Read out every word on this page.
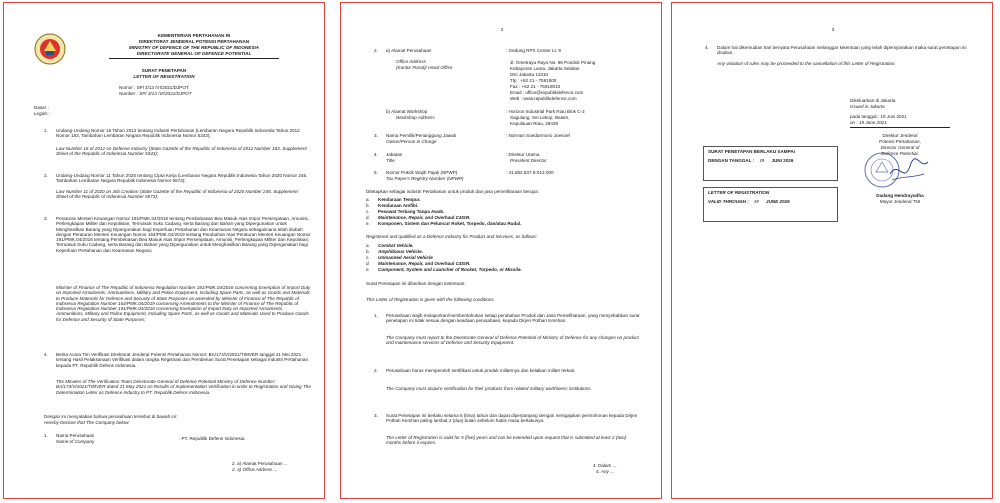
KEMENTERIAN PERTAHANAN RI
DIREKTORAT JENDERAL POTENSI PERTAHANAN
MINISTRY OF DEFENCE OF THE REPUBLIC OF INDONESIA
DIRECTORATE GENERAL OF DEFENCE POTENTIAL
SURAT PENETAPAN
LETTER OF REGISTRATION
Nomor : SPl 3/13 /VI/2021/DJPOT
Number : SP/ 3/13 /VI/2021/DJPOT
Dasar :
Legals :
1. Undang-Undang Nomor 16 Tahun 2012 tentang Industri Pertahanan (Lembaran Negara Republik Indonesia Tahun 2012 Nomor 183, Tambahan Lembaran Negara Republik Indonesia Nomor 5343);
Law Number 16 of 2012 on Defense Industry (State Gazette of the Republic of Indonesia of 2012 Number 183, Supplement Sheet of the Republic of Indonesia Number 5343);
2. Undang-Undang Nomor 11 Tahun 2020 tentang Cipta Kerja (Lembaran Negara Republik Indonesia Tahun 2020 Nomor 245, Tambahan Lembaran Negara Republik Indonesia Nomor 6573);
Law Number 11 of 2020 on Job Creation (State Gazette of the Republic of Indonesia of 2020 Number 245, Supplement Sheet of the Republic of Indonesia Number 6573);
3. Peraturan Menteri Keuangan Nomor 191/PMK.04/2016 tentang Pembebasan Bea Masuk Atas Impor Persenjataan, Amunisi, Perlengkapan Militer dan Kepolisian, Termasuk Suku Cadang, serta Barang dan Bahan yang Dipergunakan untuk Menghasilkan Barang yang Dipergunakan bagi Keperluan Pertahanan dan Keamanan Negara sebagaimana telah diubah dengan Peraturan Menteri Keuangan Nomor 164/PMK.04/2019 tentang Perubahan Atas Peraturan Menteri Keuangan Nomor 191/PMK.04/2016 tentang Pembebasan Bea Masuk Atas Impor Persenjataan, Amunisi, Perlengkapan Militer dan Kepolisian, Termasuk Suku Cadang, serta Barang dan Bahan yang Dipergunakan untuk Menghasilkan Barang yang Dipergunakan bagi Keperluan Pertahanan dan Keamanan Negara;
Minister of Finance of The Republic of Indonesia Regulation Number 191/PMK.04/2016 concerning Exemption of Import Duty on Imported Armaments, Ammunitions, Military and Police Equipment, Including Spare Parts, as well as Goods and Materials to Produce Materials for Defence and Security of State Purposes as amended by Minister of Finance of The Republic of Indonesia Regulation Number 164/PMK.04/2019 concerning Amendments to the Minister of Finance of The Republic of Indonesia Regulation Number 191/PMK.04/2016 concerning Exemption of Import Duty on Imported Armaments, Ammunitions, Military and Police Equipment, Including Spare Parts, as well as Goods and Materials Used to Produce Goods for Defence and Security of State Purposes;
4. Berita Acara Tim Verifikasi Direktorat Jenderal Potensi Pertahanan Nomor: BA/174/V/2021/TIMVER tanggal 21 Mei 2021 tentang Hasil Pelaksanaan Verifikasi dalam rangka Registrasi dan Pemberian Surat Penetapan sebagai Industri Pertahanan kepada PT. Republik Defens Indonesia.
The Minutes of The Verification Team Directorate General of Defence Potential Ministry of Defence Number: BA/174/V/2021/TIMVER dated 21 May 2021 on Results of Implementation Verification in order to Registration and Giving The Determination Letter as Defence Industry to PT. Republik Defens Indonesia.
Dengan ini menyatakan bahwa perusahaan tersebut di bawah ini:
Hereby Declare that The Company below:
1. Nama Perusahaan
Name of Company
: PT. Republik Defens Indonesia
2. a) Alamat Perusahaan ...
2. a) Office Address ...
2
2. a) Alamat Perusahaan
Office Address
(Kantor Pusat)/ Head Office
: Gedung RPX Center Lt. 9
Jl. Ometraya Raya No. 96 Pondok Pinang
Kebayoran Lama, Jakarta Selatan
DKI Jakarta 12310
Tlp : +62 21 - 7591800
Fax : +62 21 - 75918010
Email : office@republikdefence.com
Web : www.republikdefence.com
b) Alamat Workshop
Workshop Address
: Horizon Industrial Park Riau Blok C-2
Sagulung, Sei Lekop, Batam,
Kepulauan Riau, 29439
3. Nama Pemilik/Penanggung Jawab
Owner/Person in Charge
: Norman Soedarmono Joesoef
4. Jabatan
Title
: Direktur Utama
President Director
5. Nomor Pokok Wajib Pajak (NPWP)
Tax Payer's Registry Number (NPWP)
: 41.862.637.6-013.000
Ditetapkan sebagai industri Pertahanan untuk produk dan jasa pemeliharaan berupa:
a. Kendaraan Tempur.
b. Kendaraan Amfibi.
c. Pesawat Terbang Tanpa Awak.
d. Maintenance, Repair, and Overhaul C4ISR.
e. Komponen, Sistem dan Peluncur Roket, Torpedo, dan/atau Rudal.
Registered and qualified as a Defence Industry for Product and Services, as follows:
a. Combat Vehicle.
b. Amphibious Vehicle.
c. Unmanned Aerial Vehicle
d. Maintenance, Repair, and Overhaul C4ISR.
e. Component, System and Launcher of Rocket, Torpedo, or Missile.
Surat Penetapan ini diberikan dengan ketentuan:
This Letter of Registration is given with the following conditions.
1. Perusahaan wajib melaporkan/memberitahukan setiap perubahan Produk dan Jasa Pemeliharaan, yang menyebabkan surat penetapan ini tidak sesuai dengan keadaan perusahaan, kepada Dirjen Pothan Kemhan.
The Company must report to the Directorate General of Defence Potential of Ministry of Defence for any changes on product and maintenance services of Defence and Security Equipment.
2. Perusahaan harus memperoleh sertifikasi untuk produk militernya dan kelaikan militer terkait.
The Company must acquire certification for their products from related military worthiness institutions.
3. Surat Penetapan ini berlaku selama 5 (lima) tahun dan dapat diperpanjang dengan mengajukan permohonan kepada Dirjen Pothan Kemhan paling lambat 2 (dua) bulan sebelum habis masa berlakunya.
The Letter of Registration is valid for 5 (five) years and can be extended upon request that is submitted at least 2 (two) months before it expires.
4. Dalam ...
4. Any ...
3
4. Dalam hal dikemudian hari ternyata Perusahaan melanggar ketentuan yang telah dipersyaratkan maka surat penetapan ini dicabut.
Any violation of rules may be proceeded to the cancellation of this Letter of Registration.
Dikeluarkan di Jakarta
Issued in Jakarta
pada tanggal : 19 Juni 2021
on : 19 June 2021
Direktur Jenderal
Potensi Pertahanan,
Director General of
Defence Potential,
Dadang Hendrayudha
Mayor Jenderal TNI
SURAT PENETAPAN BERLAKU SAMPAI
DENGAN TANGGAL : 19 JUNI 2026
LETTER OF REGISTRATION
VALID THROUGH : 19 JUNE 2026
